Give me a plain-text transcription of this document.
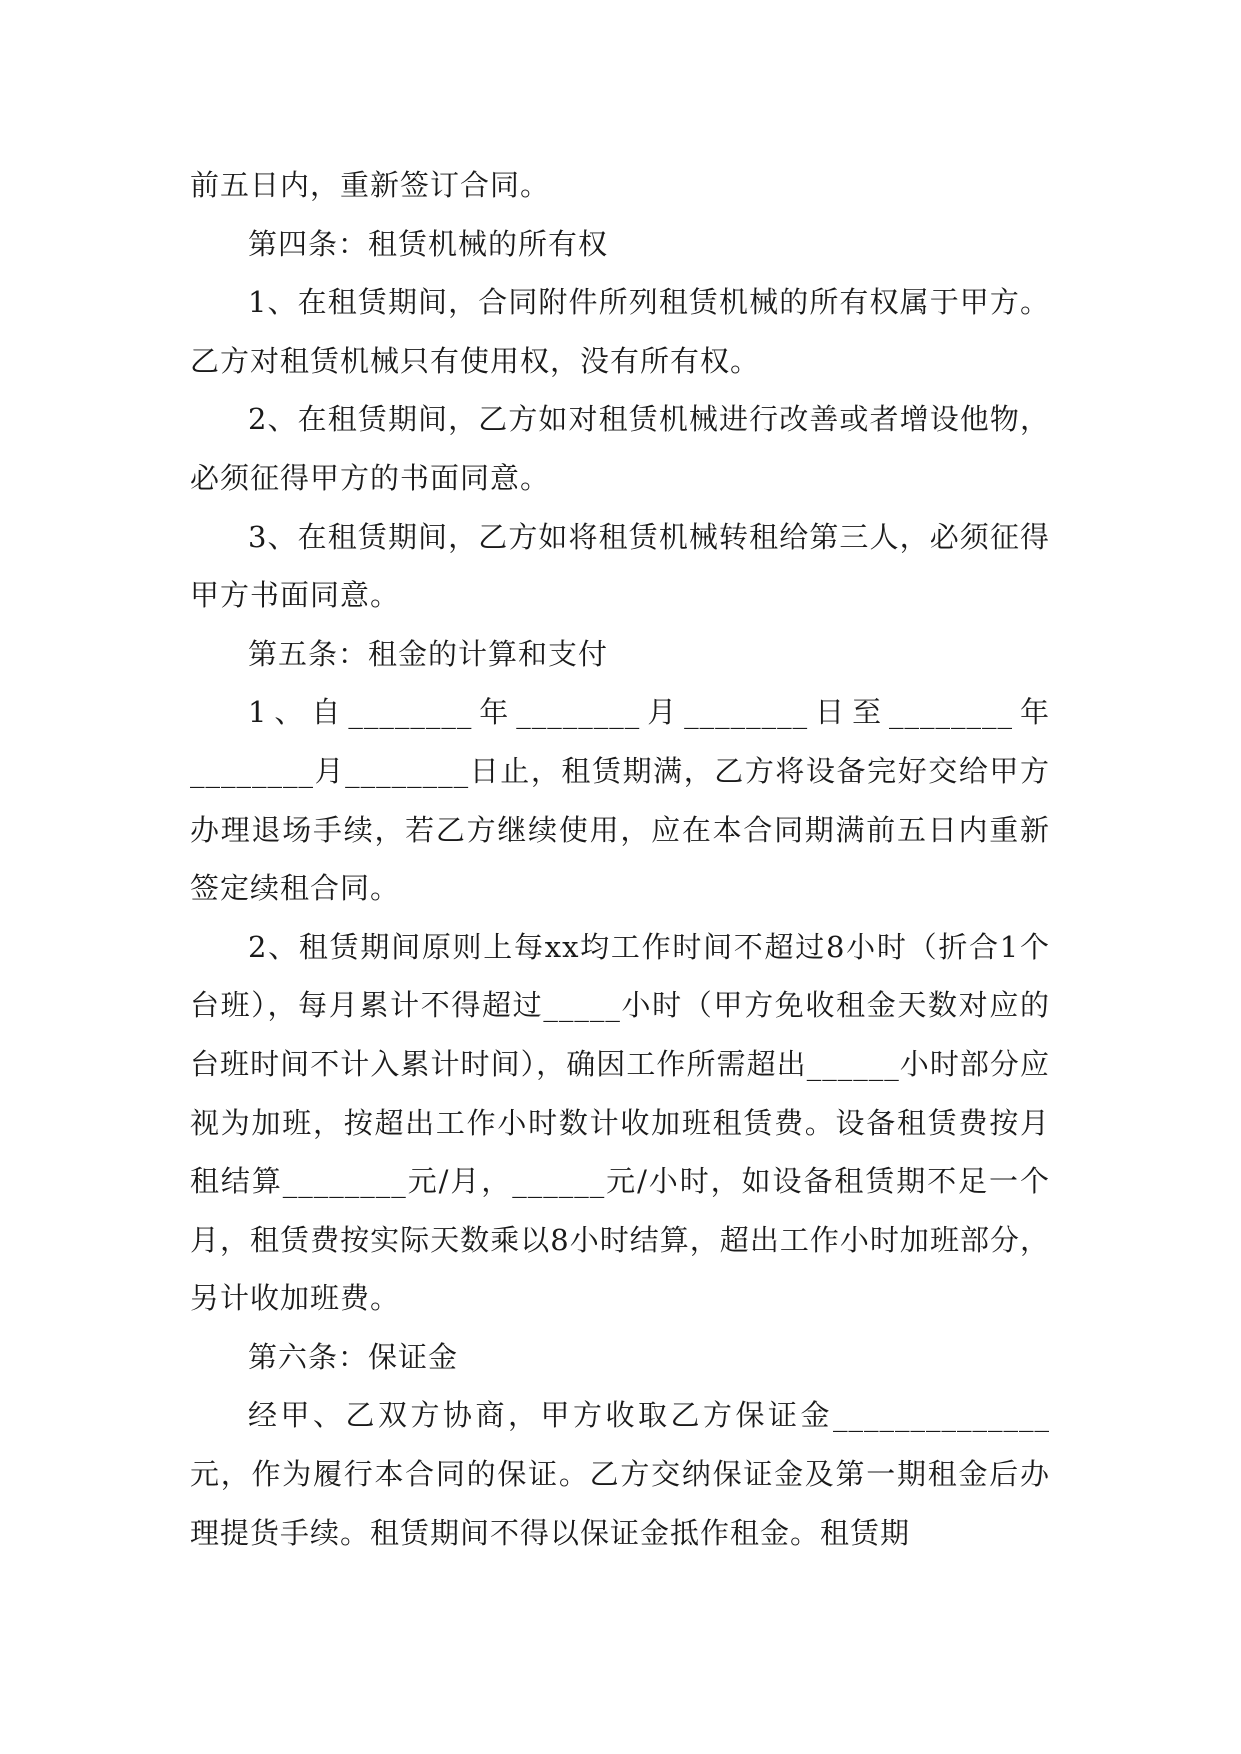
前五日内，重新签订合同。

第四条：租赁机械的所有权

1、在租赁期间，合同附件所列租赁机械的所有权属于甲方。乙方对租赁机械只有使用权，没有所有权。

2、在租赁期间，乙方如对租赁机械进行改善或者增设他物，必须征得甲方的书面同意。

3、在租赁期间，乙方如将租赁机械转租给第三人，必须征得甲方书面同意。

第五条：租金的计算和支付

1、自________年________月________日至________年________月________日止，租赁期满，乙方将设备完好交给甲方办理退场手续，若乙方继续使用，应在本合同期满前五日内重新签定续租合同。

2、租赁期间原则上每xx均工作时间不超过8小时（折合1个台班），每月累计不得超过_____小时（甲方免收租金天数对应的台班时间不计入累计时间），确因工作所需超出______小时部分应视为加班，按超出工作小时数计收加班租赁费。设备租赁费按月租结算________元/月，______元/小时，如设备租赁期不足一个月，租赁费按实际天数乘以8小时结算，超出工作小时加班部分，另计收加班费。

第六条：保证金

经甲、乙双方协商，甲方收取乙方保证金______________元，作为履行本合同的保证。乙方交纳保证金及第一期租金后办理提货手续。租赁期间不得以保证金抵作租金。租赁期
